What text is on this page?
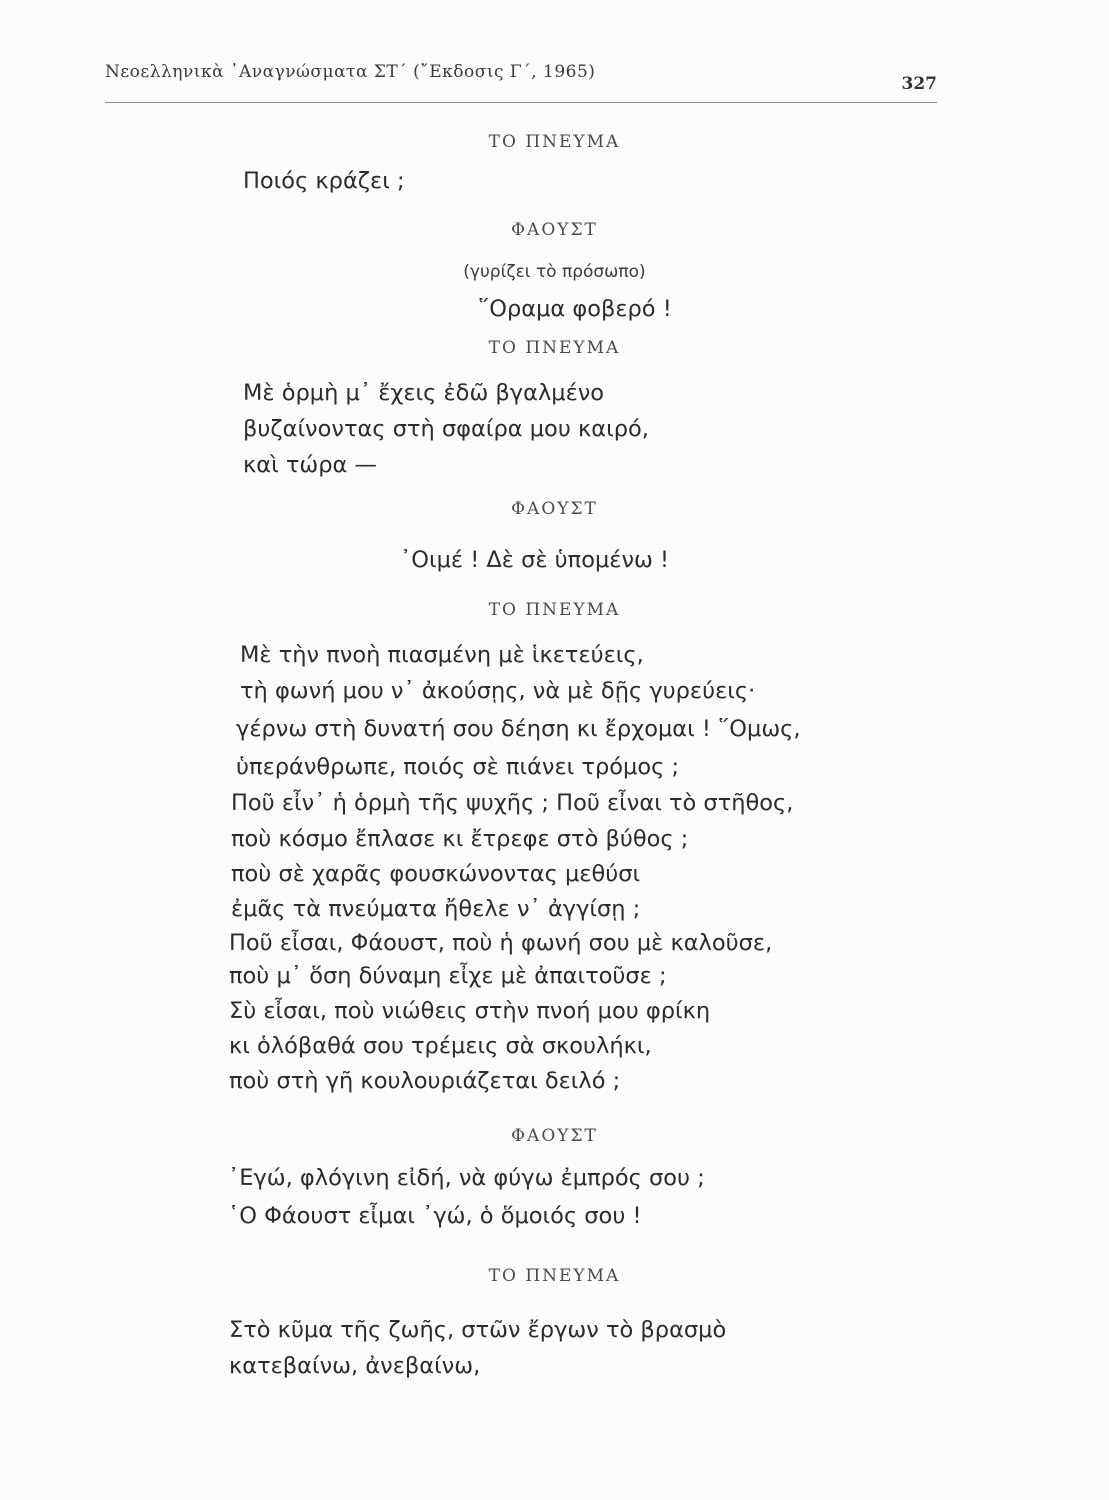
Νεοελληνικὰ ᾿Αναγνώσματα ΣΤ΄ (῎Εκδοσις Γ΄, 1965)
327
ΤΟ ΠΝΕΥΜΑ
Ποιός κράζει ;
ΦΑΟΥΣΤ
(γυρίζει τὸ πρόσωπο)
῞Οραμα φοβερό !
ΤΟ ΠΝΕΥΜΑ
Μὲ ὁρμὴ μ᾿ ἔχεις ἐδῶ βγαλμένο
βυζαίνοντας στὴ σφαίρα μου καιρό,
καὶ τώρα —
ΦΑΟΥΣΤ
᾿Οιμέ ! Δὲ σὲ ὑπομένω !
ΤΟ ΠΝΕΥΜΑ
Μὲ τὴν πνοὴ πιασμένη μὲ ἱκετεύεις,
τὴ φωνή μου ν᾿ ἀκούσῃς, νὰ μὲ δῇς γυρεύεις·
γέρνω στὴ δυνατή σου δέηση κι ἔρχομαι ! ῞Ομως,
ὑπεράνθρωπε, ποιός σὲ πιάνει τρόμος ;
Ποῦ εἶν᾿ ἡ ὁρμὴ τῆς ψυχῆς ; Ποῦ εἶναι τὸ στῆθος,
ποὺ κόσμο ἔπλασε κι ἔτρεφε στὸ βύθος ;
ποὺ σὲ χαρᾶς φουσκώνοντας μεθύσι
ἐμᾶς τὰ πνεύματα ἤθελε ν᾿ ἀγγίσῃ ;
Ποῦ εἶσαι, Φάουστ, ποὺ ἡ φωνή σου μὲ καλοῦσε,
ποὺ μ᾿ ὅση δύναμη εἶχε μὲ ἀπαιτοῦσε ;
Σὺ εἶσαι, ποὺ νιώθεις στὴν πνοή μου φρίκη
κι ὁλόβαθά σου τρέμεις σὰ σκουλήκι,
ποὺ στὴ γῆ κουλουριάζεται δειλό ;
ΦΑΟΥΣΤ
᾿Εγώ, φλόγινη εἰδή, νὰ φύγω ἐμπρός σου ;
῾Ο Φάουστ εἶμαι ᾿γώ, ὁ ὅμοιός σου !
ΤΟ ΠΝΕΥΜΑ
Στὸ κῦμα τῆς ζωῆς, στῶν ἔργων τὸ βρασμὸ
κατεβαίνω, ἀνεβαίνω,
